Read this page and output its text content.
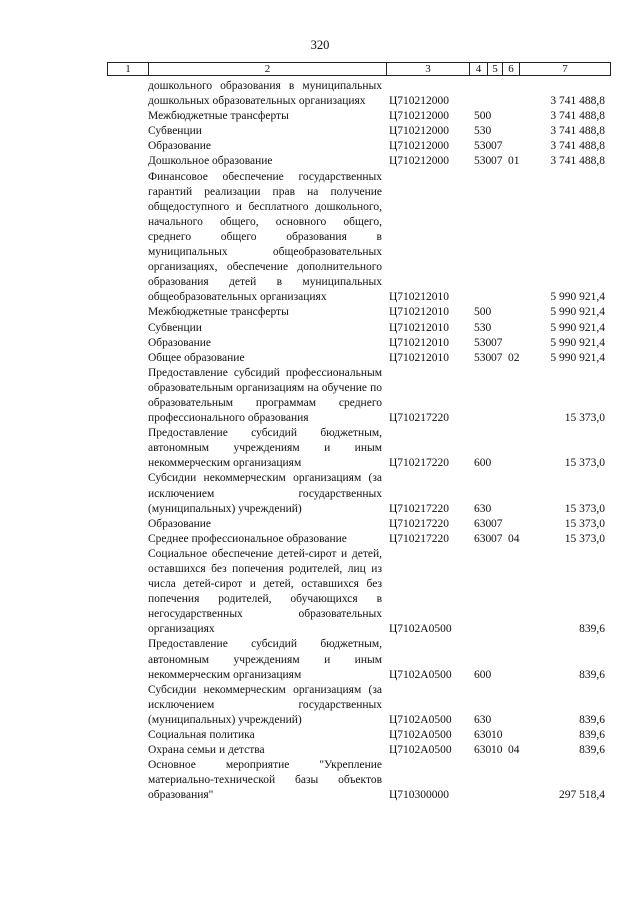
320
1	2	3	4	5 6	7
дошкольного образования в муниципальных дошкольных образовательных организациях	Ц710212000	3 741 488,8
Межбюджетные трансферты	Ц710212000 500	3 741 488,8
Субвенции	Ц710212000 530	3 741 488,8
Образование	Ц710212000 530 07	3 741 488,8
Дошкольное образование	Ц710212000 530 07 01	3 741 488,8
Финансовое обеспечение государственных гарантий реализации прав на получение общедоступного и бесплатного дошкольного, начального общего, основного общего, среднего общего образования в муниципальных общеобразовательных организациях, обеспечение дополнительного образования детей в муниципальных общеобразовательных организациях	Ц710212010	5 990 921,4
Межбюджетные трансферты	Ц710212010 500	5 990 921,4
Субвенции	Ц710212010 530	5 990 921,4
Образование	Ц710212010 530 07	5 990 921,4
Общее образование	Ц710212010 530 07 02	5 990 921,4
Предоставление субсидий профессиональным образовательным организациям на обучение по образовательным программам среднего профессионального образования	Ц710217220	15 373,0
Предоставление субсидий бюджетным, автономным учреждениям и иным некоммерческим организациям	Ц710217220 600	15 373,0
Субсидии некоммерческим организациям (за исключением государственных (муниципальных) учреждений)	Ц710217220 630	15 373,0
Образование	Ц710217220 630 07	15 373,0
Среднее профессиональное образование	Ц710217220 630 07 04	15 373,0
Социальное обеспечение детей-сирот и детей, оставшихся без попечения родителей, лиц из числа детей-сирот и детей, оставшихся без попечения родителей, обучающихся в негосударственных образовательных организациях	Ц7102А0500	839,6
Предоставление субсидий бюджетным, автономным учреждениям и иным некоммерческим организациям	Ц7102А0500 600	839,6
Субсидии некоммерческим организациям (за исключением государственных (муниципальных) учреждений)	Ц7102А0500 630	839,6
Социальная политика	Ц7102А0500 630 10	839,6
Охрана семьи и детства	Ц7102А0500 630 10 04	839,6
Основное мероприятие "Укрепление материально-технической базы объектов образования"	Ц710300000	297 518,4
